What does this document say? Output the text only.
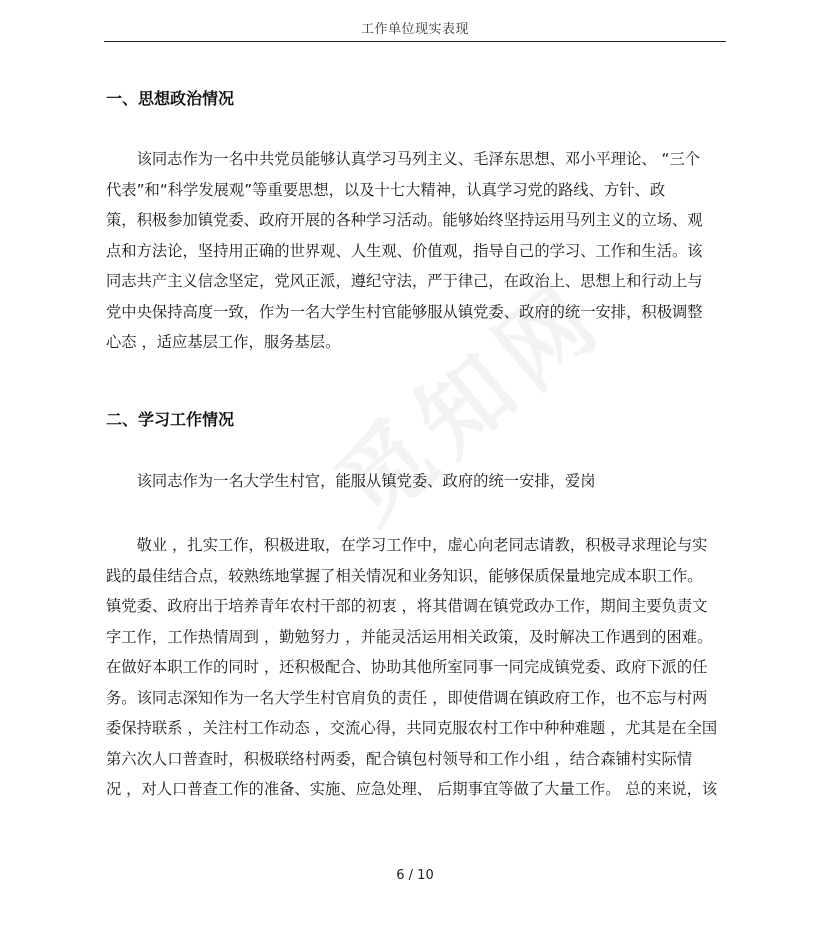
工作单位现实表现
一、思想政治情况
　　该同志作为一名中共党员能够认真学习马列主义、毛泽东思想、邓小平理论、 “三个
代表”和“科学发展观”等重要思想，以及十七大精神，认真学习党的路线、方针、政
策，积极参加镇党委、政府开展的各种学习活动。能够始终坚持运用马列主义的立场、观
点和方法论，坚持用正确的世界观、人生观、价值观，指导自己的学习、工作和生活。该
同志共产主义信念坚定，党风正派，遵纪守法，严于律己，在政治上、思想上和行动上与
党中央保持高度一致，作为一名大学生村官能够服从镇党委、政府的统一安排，积极调整
心态 ，适应基层工作，服务基层。
二、学习工作情况
　　该同志作为一名大学生村官，能服从镇党委、政府的统一安排，爱岗
　　敬业 ，扎实工作，积极进取，在学习工作中，虚心向老同志请教，积极寻求理论与实
践的最佳结合点，较熟练地掌握了相关情况和业务知识，能够保质保量地完成本职工作。
镇党委、政府出于培养青年农村干部的初衷 ，将其借调在镇党政办工作，期间主要负责文
字工作，工作热情周到 ，勤勉努力 ，并能灵活运用相关政策，及时解决工作遇到的困难。
在做好本职工作的同时 ，还积极配合、协助其他所室同事一同完成镇党委、政府下派的任
务。该同志深知作为一名大学生村官肩负的责任 ，即使借调在镇政府工作，也不忘与村两
委保持联系 ，关注村工作动态 ，交流心得，共同克服农村工作中种种难题 ，尤其是在全国
第六次人口普查时，积极联络村两委，配合镇包村领导和工作小组 ，结合森铺村实际情
况 ，对人口普查工作的准备、实施、应急处理、 后期事宜等做了大量工作。 总的来说，该
6 / 10
